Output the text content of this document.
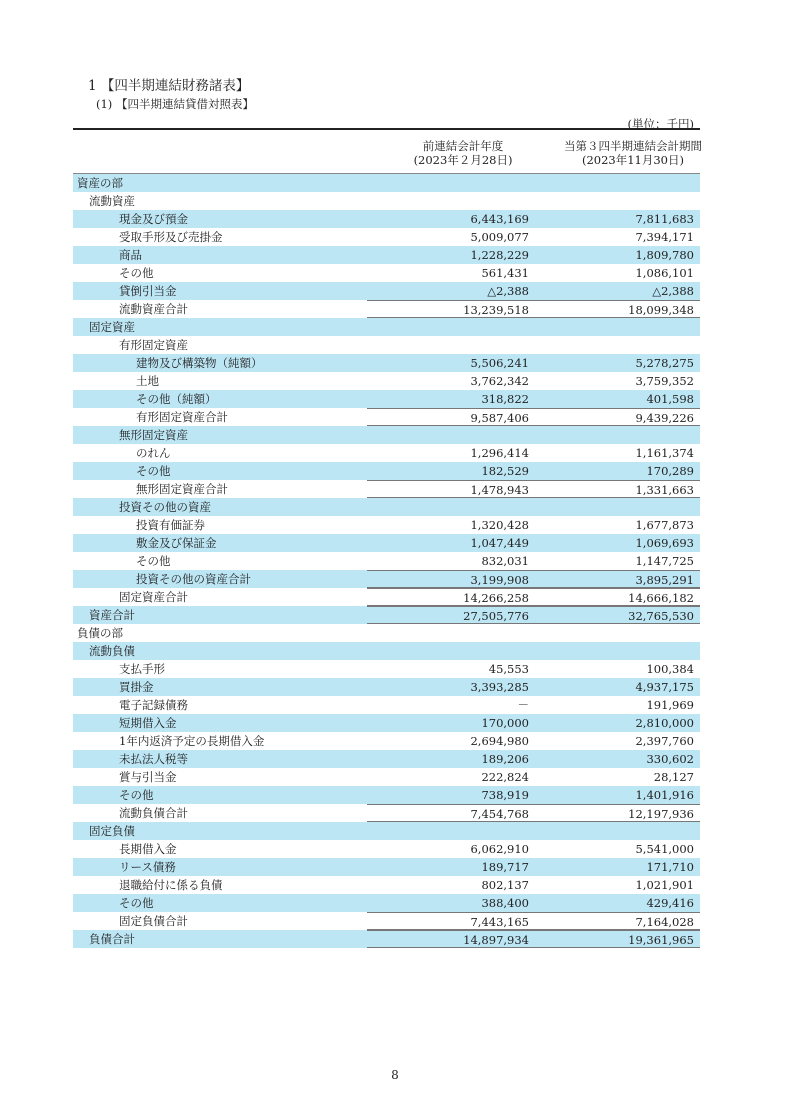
1 【四半期連結財務諸表】
(1) 【四半期連結貸借対照表】
(単位：千円)
前連結会計年度
(2023年２月28日)
当第３四半期連結会計期間
(2023年11月30日)
資産の部
流動資産
現金及び預金	6,443,169	7,811,683
受取手形及び売掛金	5,009,077	7,394,171
商品	1,228,229	1,809,780
その他	561,431	1,086,101
貸倒引当金	△2,388	△2,388
流動資産合計	13,239,518	18,099,348
固定資産
有形固定資産
建物及び構築物（純額）	5,506,241	5,278,275
土地	3,762,342	3,759,352
その他（純額）	318,822	401,598
有形固定資産合計	9,587,406	9,439,226
無形固定資産
のれん	1,296,414	1,161,374
その他	182,529	170,289
無形固定資産合計	1,478,943	1,331,663
投資その他の資産
投資有価証券	1,320,428	1,677,873
敷金及び保証金	1,047,449	1,069,693
その他	832,031	1,147,725
投資その他の資産合計	3,199,908	3,895,291
固定資産合計	14,266,258	14,666,182
資産合計	27,505,776	32,765,530
負債の部
流動負債
支払手形	45,553	100,384
買掛金	3,393,285	4,937,175
電子記録債務	－	191,969
短期借入金	170,000	2,810,000
1年内返済予定の長期借入金	2,694,980	2,397,760
未払法人税等	189,206	330,602
賞与引当金	222,824	28,127
その他	738,919	1,401,916
流動負債合計	7,454,768	12,197,936
固定負債
長期借入金	6,062,910	5,541,000
リース債務	189,717	171,710
退職給付に係る負債	802,137	1,021,901
その他	388,400	429,416
固定負債合計	7,443,165	7,164,028
負債合計	14,897,934	19,361,965
8
